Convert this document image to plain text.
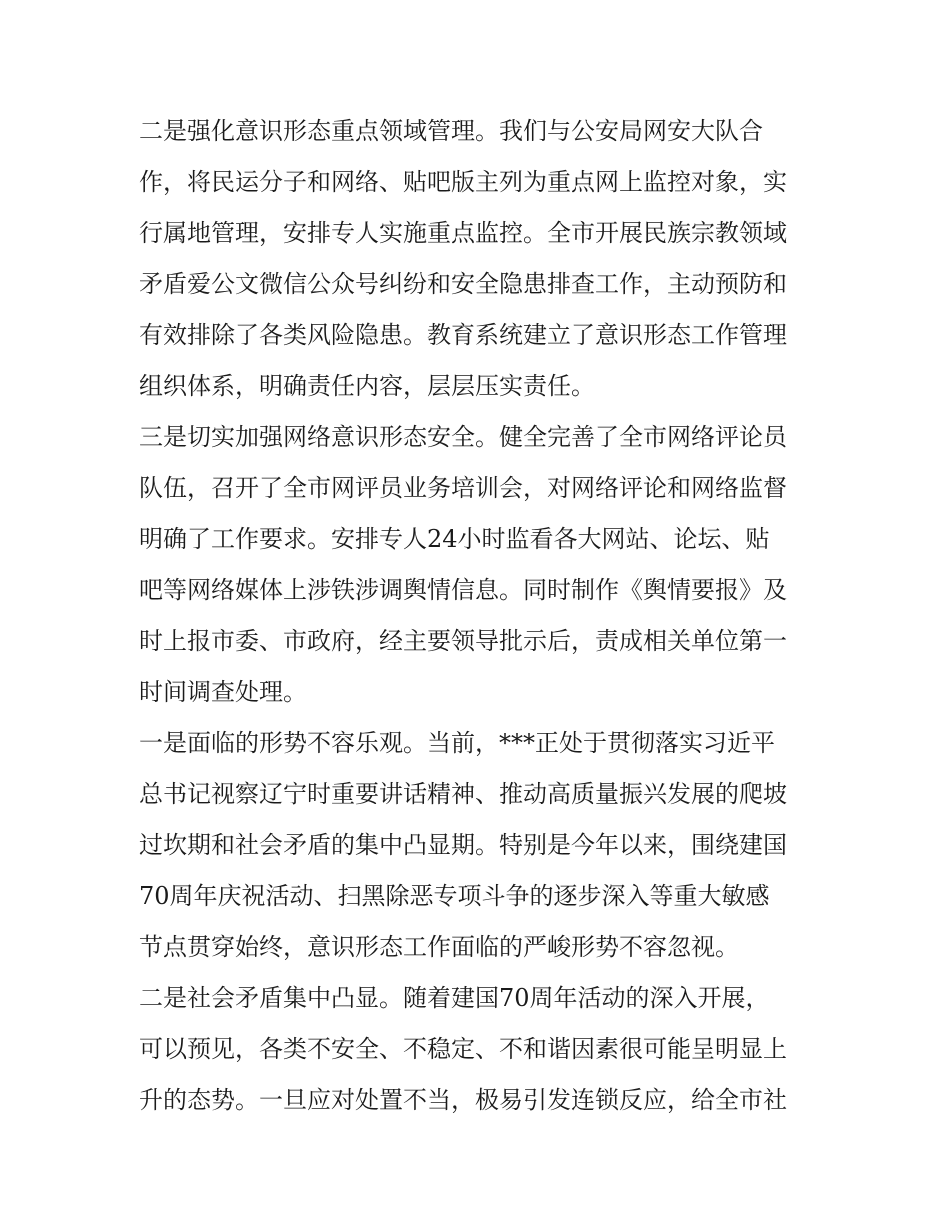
二是强化意识形态重点领域管理。我们与公安局网安大队合
作，将民运分子和网络、贴吧版主列为重点网上监控对象，实
行属地管理，安排专人实施重点监控。全市开展民族宗教领域
矛盾爱公文微信公众号纠纷和安全隐患排查工作，主动预防和
有效排除了各类风险隐患。教育系统建立了意识形态工作管理
组织体系，明确责任内容，层层压实责任。

三是切实加强网络意识形态安全。健全完善了全市网络评论员
队伍，召开了全市网评员业务培训会，对网络评论和网络监督
明确了工作要求。安排专人24小时监看各大网站、论坛、贴
吧等网络媒体上涉铁涉调舆情信息。同时制作《舆情要报》及
时上报市委、市政府，经主要领导批示后，责成相关单位第一
时间调查处理。

一是面临的形势不容乐观。当前，***正处于贯彻落实习近平
总书记视察辽宁时重要讲话精神、推动高质量振兴发展的爬坡
过坎期和社会矛盾的集中凸显期。特别是今年以来，围绕建国
70周年庆祝活动、扫黑除恶专项斗争的逐步深入等重大敏感
节点贯穿始终，意识形态工作面临的严峻形势不容忽视。

二是社会矛盾集中凸显。随着建国70周年活动的深入开展，
可以预见，各类不安全、不稳定、不和谐因素很可能呈明显上
升的态势。一旦应对处置不当，极易引发连锁反应，给全市社
